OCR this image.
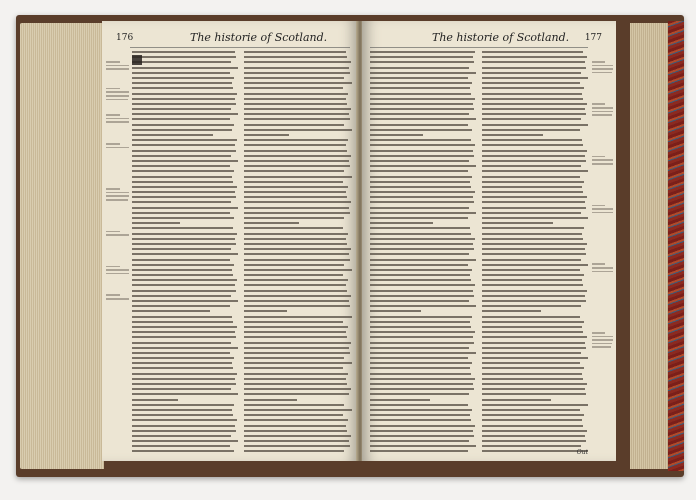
176	The historie of Scotland.	The historie of Scotland. 177
Out
